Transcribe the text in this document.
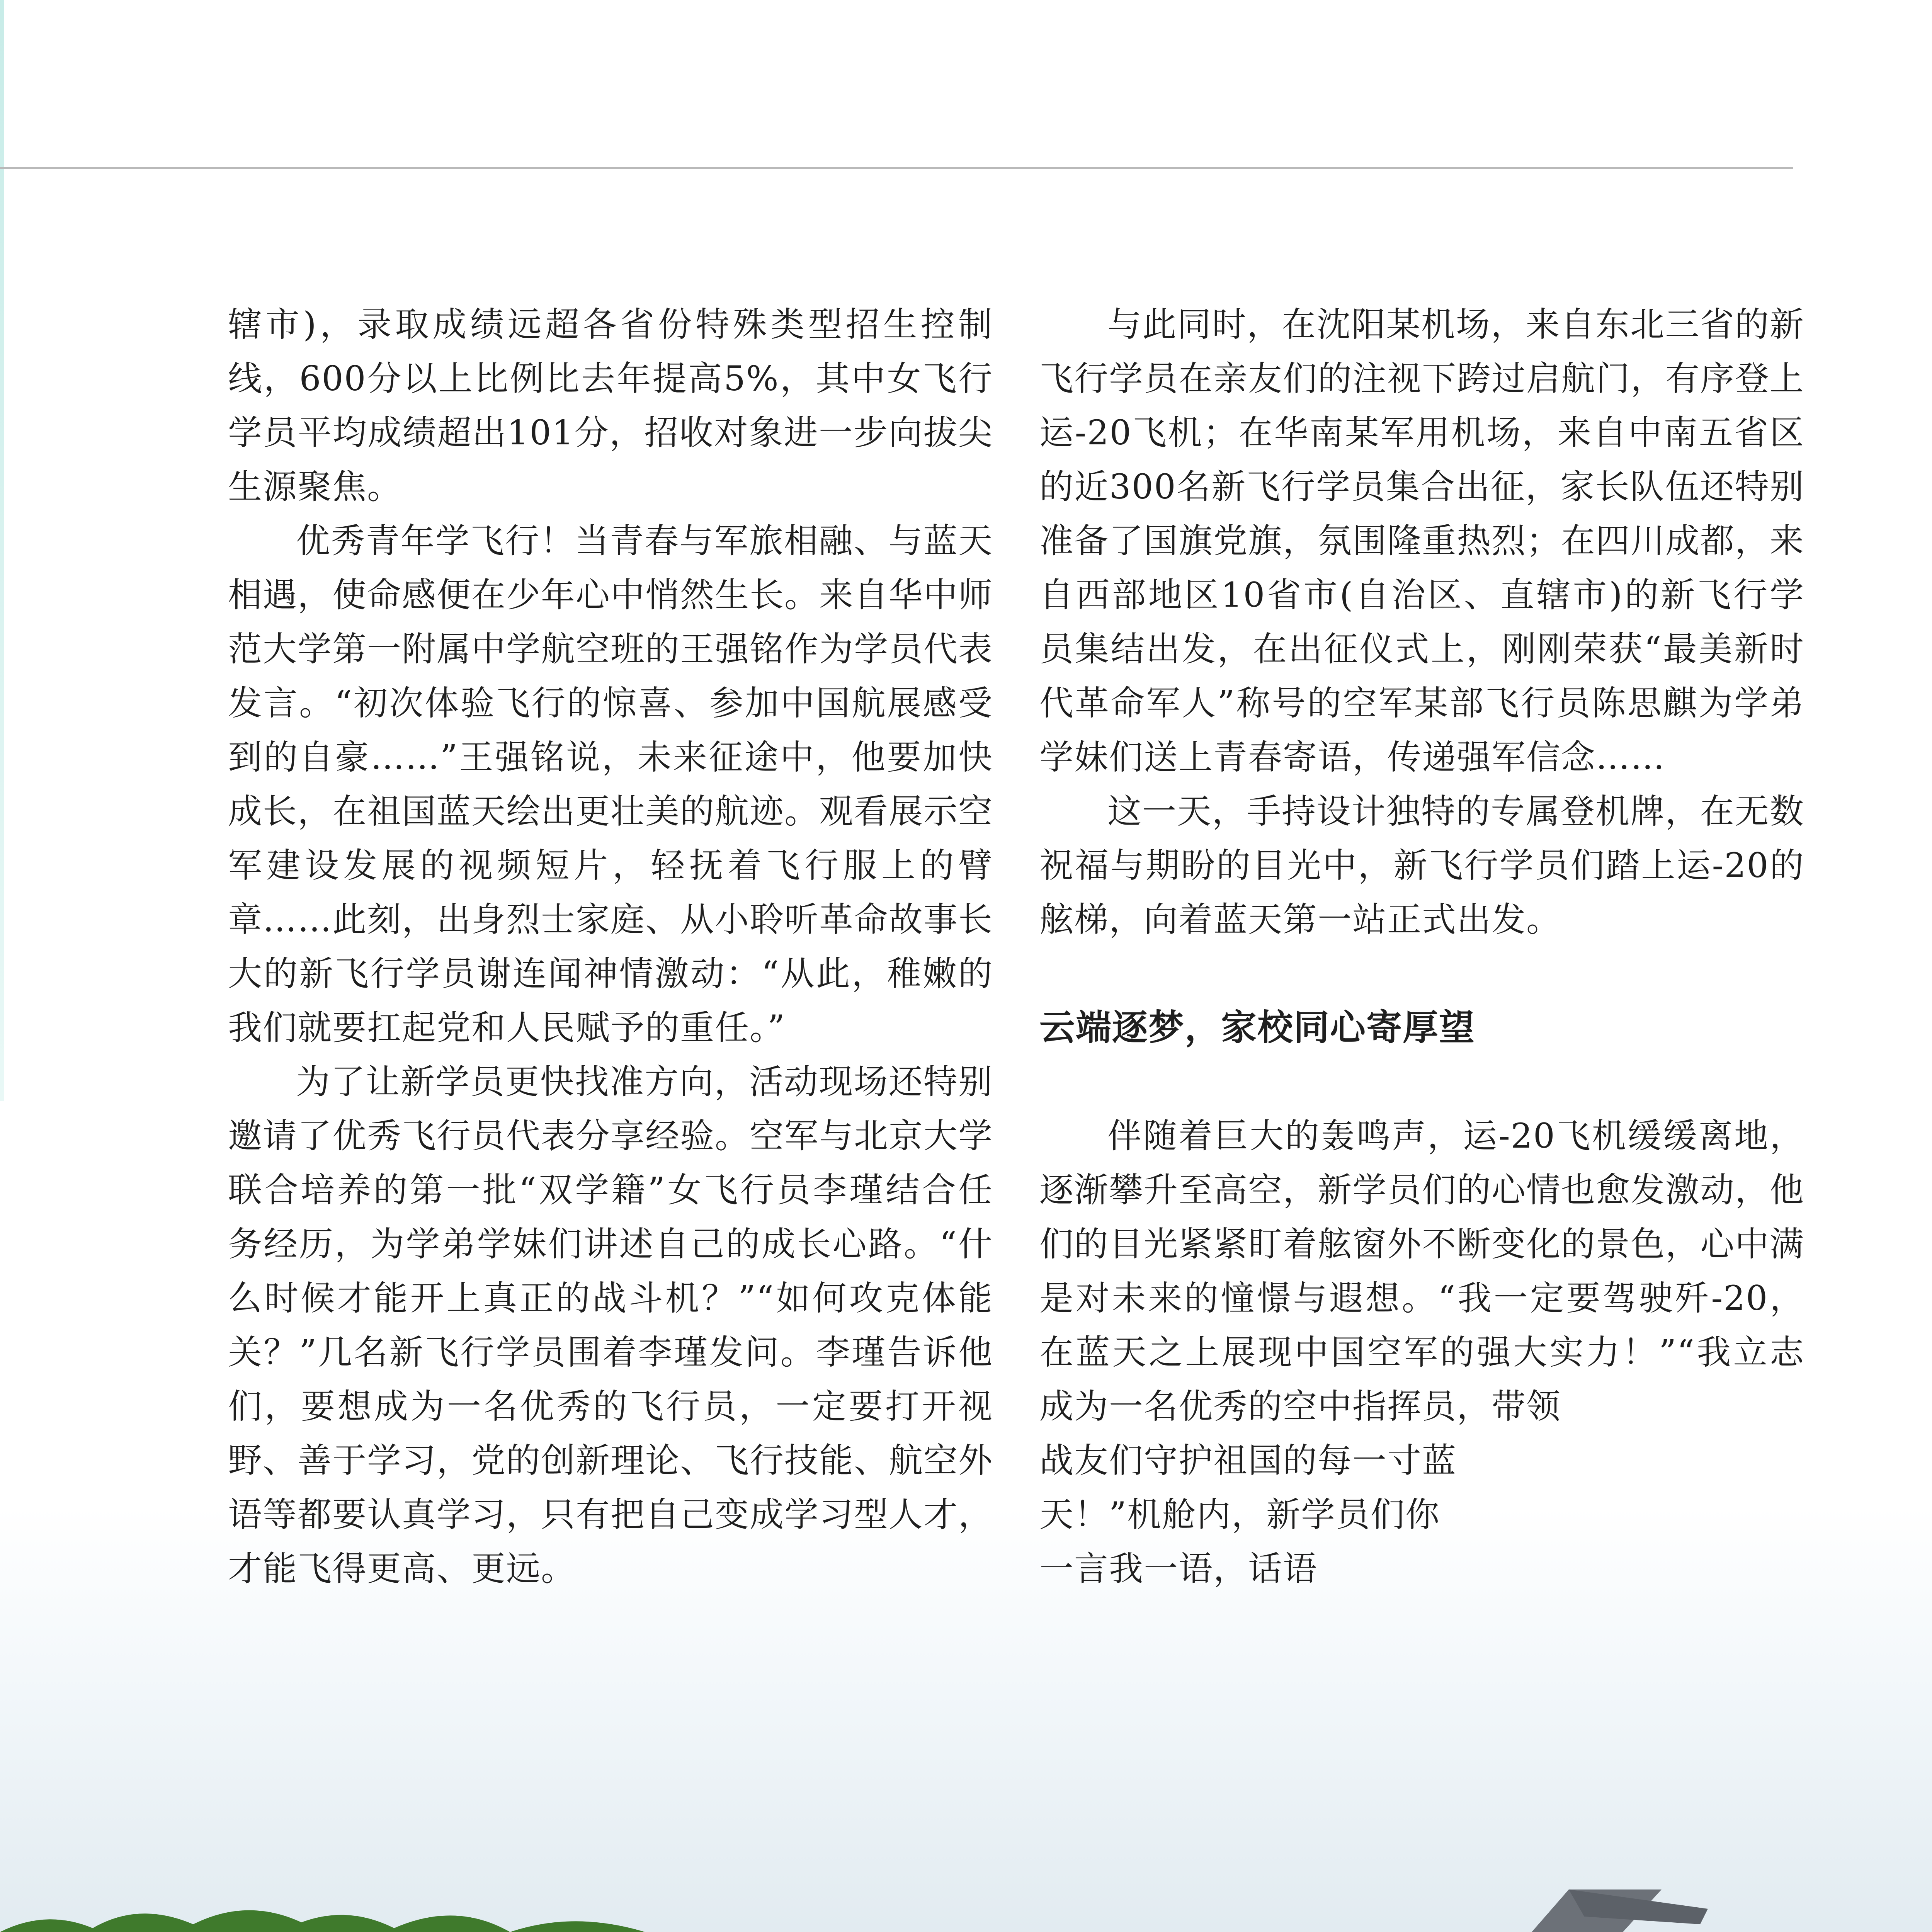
辖市)，录取成绩远超各省份特殊类型招生控制线，600分以上比例比去年提高5%，其中女飞行学员平均成绩超出101分，招收对象进一步向拔尖生源聚焦。

优秀青年学飞行！当青春与军旅相融、与蓝天相遇，使命感便在少年心中悄然生长。来自华中师范大学第一附属中学航空班的王强铭作为学员代表发言。“初次体验飞行的惊喜、参加中国航展感受到的自豪……”王强铭说，未来征途中，他要加快成长，在祖国蓝天绘出更壮美的航迹。观看展示空军建设发展的视频短片，轻抚着飞行服上的臂章……此刻，出身烈士家庭、从小聆听革命故事长大的新飞行学员谢连闻神情激动：“从此，稚嫩的我们就要扛起党和人民赋予的重任。”

为了让新学员更快找准方向，活动现场还特别邀请了优秀飞行员代表分享经验。空军与北京大学联合培养的第一批“双学籍”女飞行员李瑾结合任务经历，为学弟学妹们讲述自己的成长心路。“什么时候才能开上真正的战斗机？”“如何攻克体能关？”几名新飞行学员围着李瑾发问。李瑾告诉他们，要想成为一名优秀的飞行员，一定要打开视野、善于学习，党的创新理论、飞行技能、航空外语等都要认真学习，只有把自己变成学习型人才，才能飞得更高、更远。

与此同时，在沈阳某机场，来自东北三省的新飞行学员在亲友们的注视下跨过启航门，有序登上运-20飞机；在华南某军用机场，来自中南五省区的近300名新飞行学员集合出征，家长队伍还特别准备了国旗党旗，氛围隆重热烈；在四川成都，来自西部地区10省市(自治区、直辖市)的新飞行学员集结出发，在出征仪式上，刚刚荣获“最美新时代革命军人”称号的空军某部飞行员陈思麒为学弟学妹们送上青春寄语，传递强军信念……

这一天，手持设计独特的专属登机牌，在无数祝福与期盼的目光中，新飞行学员们踏上运-20的舷梯，向着蓝天第一站正式出发。

云端逐梦，家校同心寄厚望

伴随着巨大的轰鸣声，运-20飞机缓缓离地，逐渐攀升至高空，新学员们的心情也愈发激动，他们的目光紧紧盯着舷窗外不断变化的景色，心中满是对未来的憧憬与遐想。“我一定要驾驶歼-20，在蓝天之上展现中国空军的强大实力！”“我立志成为一名优秀的空中指挥员，带领

战友们守护祖国的每一寸蓝

天！”机舱内，新学员们你

一言我一语，话语
